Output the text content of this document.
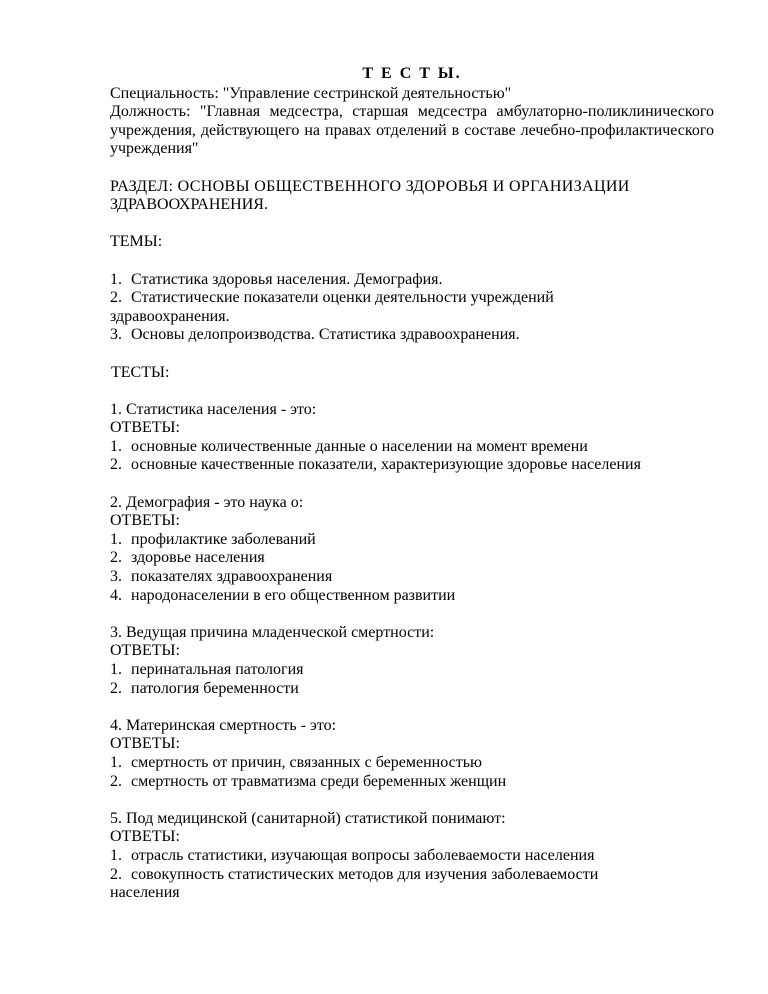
Т Е С Т Ы.

Специальность: "Управление сестринской деятельностью"

Должность: "Главная медсестра, старшая медсестра амбулаторно-поликлинического учреждения, действующего на правах отделений в составе лечебно-профилактического учреждения"

РАЗДЕЛ: ОСНОВЫ ОБЩЕСТВЕННОГО ЗДОРОВЬЯ И ОРГАНИЗАЦИИ

ЗДРАВООХРАНЕНИЯ.

ТЕМЫ:

1. Статистика здоровья населения. Демография.
2. Статистические показатели оценки деятельности учреждений
здравоохранения.
3. Основы делопроизводства. Статистика здравоохранения.

ТЕСТЫ:

1. Статистика населения - это:

ОТВЕТЫ:

1. основные количественные данные о населении на момент времени
2. основные качественные показатели, характеризующие здоровье населения

2. Демография - это наука о:

ОТВЕТЫ:

1. профилактике заболеваний
2. здоровье населения
3. показателях здравоохранения
4. народонаселении в его общественном развитии

3. Ведущая причина младенческой смертности:

ОТВЕТЫ:

1. перинатальная патология
2. патология беременности

4. Материнская смертность - это:

ОТВЕТЫ:

1. смертность от причин, связанных с беременностью
2. смертность от травматизма среди беременных женщин

5. Под медицинской (санитарной) статистикой понимают:

ОТВЕТЫ:

1. отрасль статистики, изучающая вопросы заболеваемости населения
2. совокупность статистических методов для изучения заболеваемости

населения
